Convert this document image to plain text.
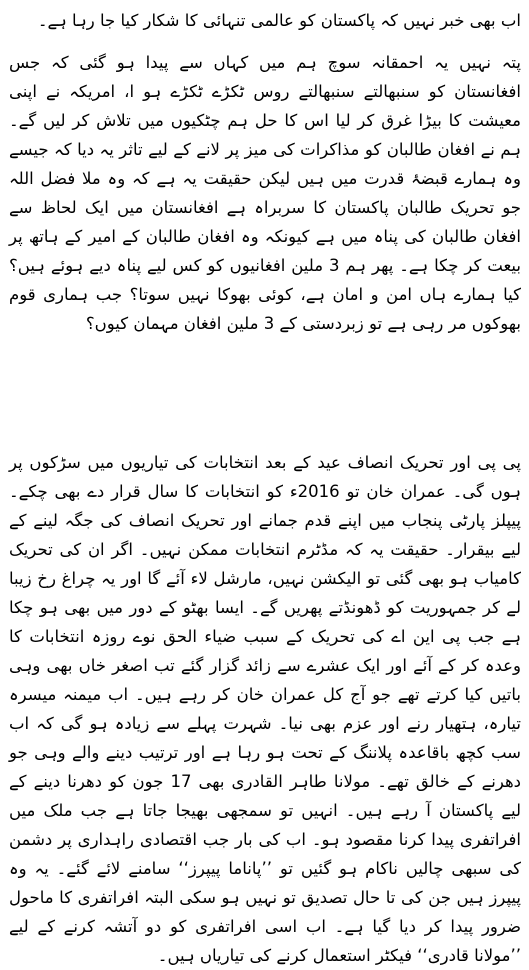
اب بھی خبر نہیں کہ پاکستان کو عالمی تنہائی کا شکار کیا جا رہا ہے۔

پتہ نہیں یہ احمقانہ سوچ ہم میں کہاں سے پیدا ہو گئی کہ جس افغانستان کو سنبھالتے سنبھالتے روس ٹکڑے ٹکڑے ہو ا، امریکہ نے اپنی معیشت کا بیڑا غرق کر لیا اس کا حل ہم چٹکیوں میں تلاش کر لیں گے۔ ہم نے افغان طالبان کو مذاکرات کی میز پر لانے کے لیے تاثر یہ دیا کہ جیسے وہ ہمارے قبضۂ قدرت میں ہیں لیکن حقیقت یہ ہے کہ وہ ملا فضل اللہ جو تحریک طالبان پاکستان کا سربراہ ہے افغانستان میں ایک لحاظ سے افغان طالبان کی پناہ میں ہے کیونکہ وہ افغان طالبان کے امیر کے ہاتھ پر بیعت کر چکا ہے۔ پھر ہم 3 ملین افغانیوں کو کس لیے پناہ دیے ہوئے ہیں؟ کیا ہمارے ہاں امن و امان ہے، کوئی بھوکا نہیں سوتا؟ جب ہماری قوم بھوکوں مر رہی ہے تو زبردستی کے 3 ملین افغان مہمان کیوں؟

پی پی اور تحریک انصاف عید کے بعد انتخابات کی تیاریوں میں سڑکوں پر ہوں گی۔ عمران خان تو 2016ء کو انتخابات کا سال قرار دے بھی چکے۔ پیپلز پارٹی پنجاب میں اپنے قدم جمانے اور تحریک انصاف کی جگہ لینے کے لیے بیقرار۔ حقیقت یہ کہ مڈٹرم انتخابات ممکن نہیں۔ اگر ان کی تحریک کامیاب ہو بھی گئی تو الیکشن نہیں، مارشل لاء آئے گا اور یہ چراغ رخ زیبا لے کر جمہوریت کو ڈھونڈتے پھریں گے۔ ایسا بھٹو کے دور میں بھی ہو چکا ہے جب پی این اے کی تحریک کے سبب ضیاء الحق نوے روزہ انتخابات کا وعدہ کر کے آئے اور ایک عشرے سے زائد گزار گئے تب اصغر خاں بھی وہی باتیں کیا کرتے تھے جو آج کل عمران خان کر رہے ہیں۔ اب میمنہ میسرہ تیارہ، ہتھیار رنے اور عزم بھی نیا۔ شہرت پہلے سے زیادہ ہو گی کہ اب سب کچھ باقاعدہ پلاننگ کے تحت ہو رہا ہے اور ترتیب دینے والے وہی جو دھرنے کے خالق تھے۔ مولانا طاہر القادری بھی 17 جون کو دھرنا دینے کے لیے پاکستان آ رہے ہیں۔ انہیں تو سمجھی بھیجا جاتا ہے جب ملک میں افراتفری پیدا کرنا مقصود ہو۔ اب کی بار جب اقتصادی راہداری پر دشمن کی سبھی چالیں ناکام ہو گئیں تو ’’پاناما پیپرز‘‘ سامنے لائے گئے۔ یہ وہ پیپرز ہیں جن کی تا حال تصدیق تو نہیں ہو سکی البتہ افراتفری کا ماحول ضرور پیدا کر دیا گیا ہے۔ اب اسی افراتفری کو دو آتشہ کرنے کے لیے ’’مولانا قادری‘‘ فیکٹر استعمال کرنے کی تیاریاں ہیں۔
